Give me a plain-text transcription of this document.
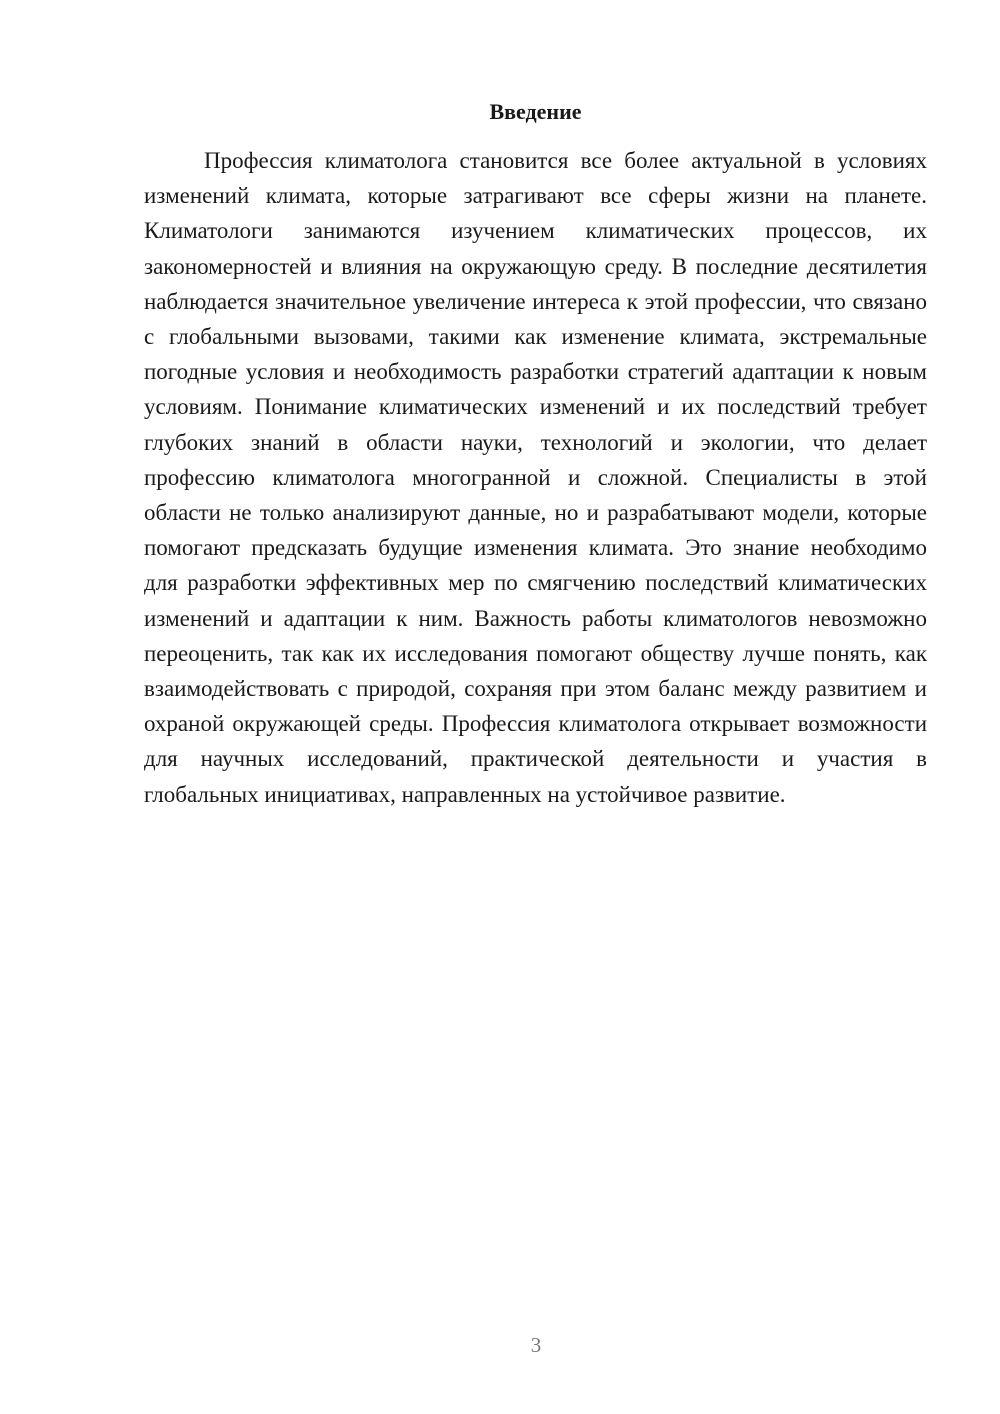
Введение

Профессия климатолога становится все более актуальной в условиях изменений климата, которые затрагивают все сферы жизни на планете. Климатологи занимаются изучением климатических процессов, их закономерностей и влияния на окружающую среду. В последние десятилетия наблюдается значительное увеличение интереса к этой профессии, что связано с глобальными вызовами, такими как изменение климата, экстремальные погодные условия и необходимость разработки стратегий адаптации к новым условиям. Понимание климатических изменений и их последствий требует глубоких знаний в области науки, технологий и экологии, что делает профессию климатолога многогранной и сложной. Специалисты в этой области не только анализируют данные, но и разрабатывают модели, которые помогают предсказать будущие изменения климата. Это знание необходимо для разработки эффективных мер по смягчению последствий климатических изменений и адаптации к ним. Важность работы климатологов невозможно переоценить, так как их исследования помогают обществу лучше понять, как взаимодействовать с природой, сохраняя при этом баланс между развитием и охраной окружающей среды. Профессия климатолога открывает возможности для научных исследований, практической деятельности и участия в глобальных инициативах, направленных на устойчивое развитие.

3
